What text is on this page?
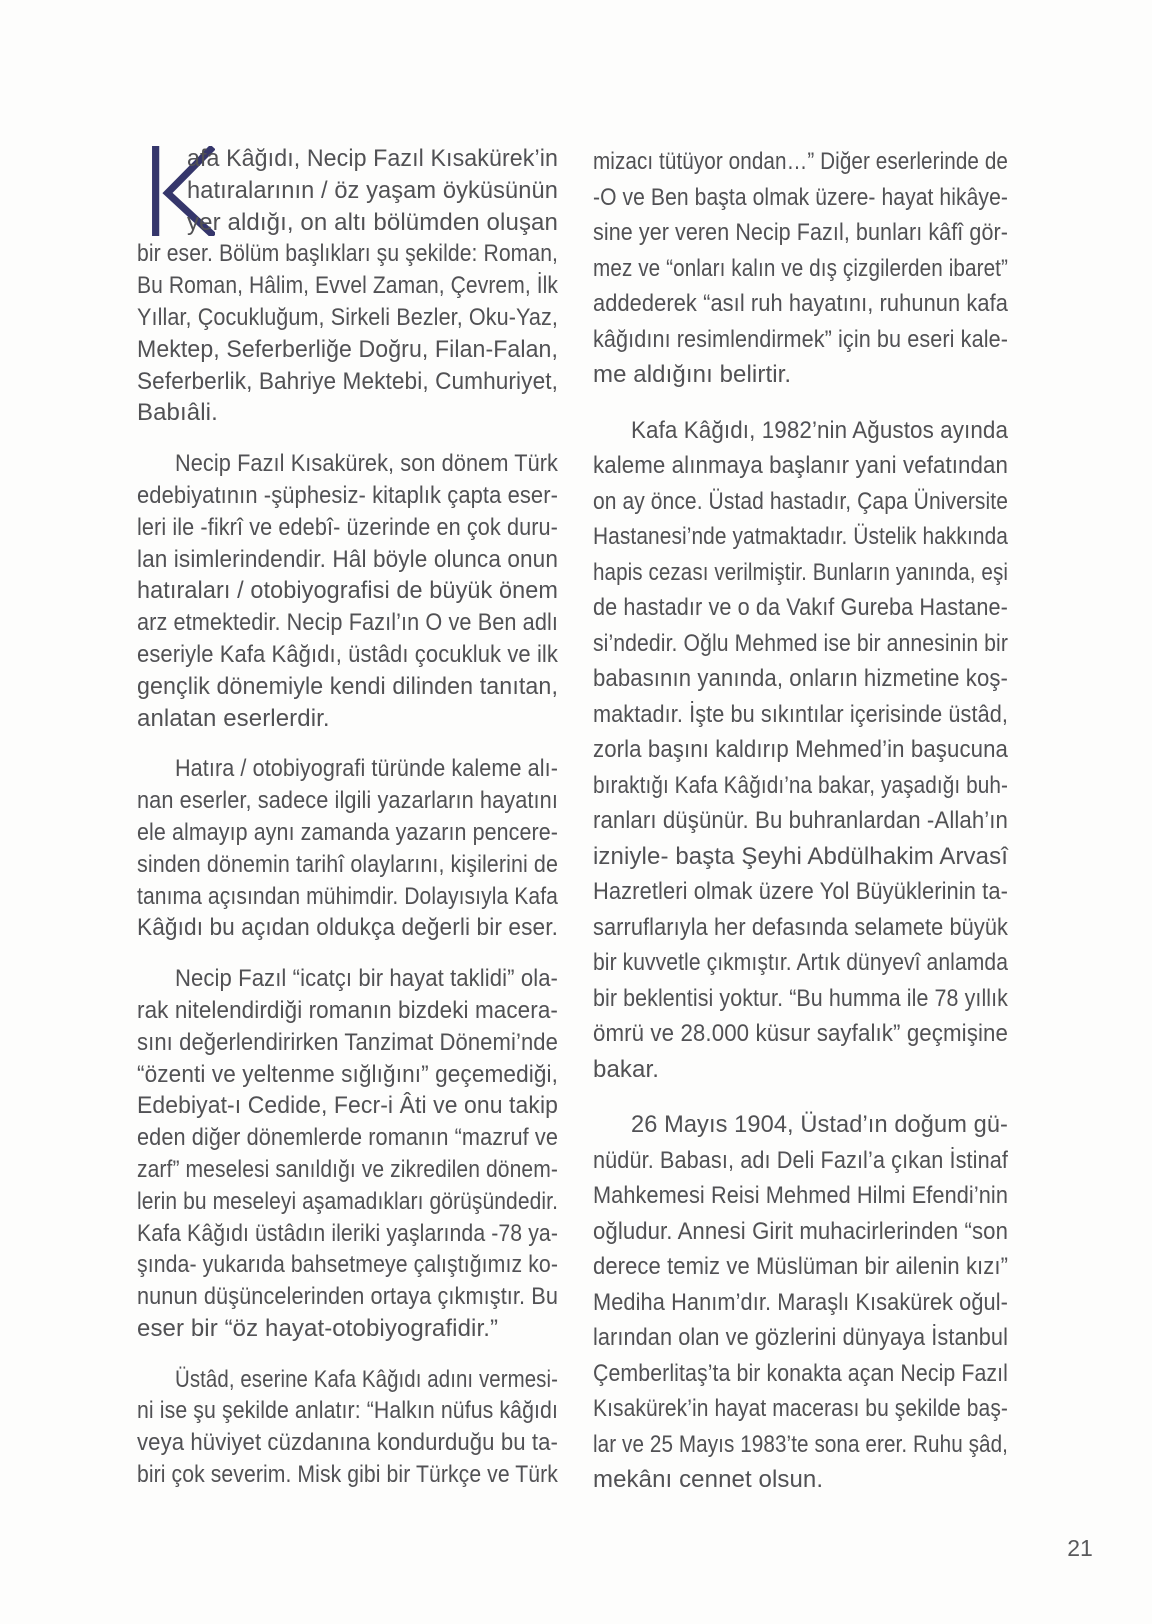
afa Kâğıdı, Necip Fazıl Kısakürek’in
hatıralarının / öz yaşam öyküsünün
yer aldığı, on altı bölümden oluşan
bir eser. Bölüm başlıkları şu şekilde: Roman,
Bu Roman, Hâlim, Evvel Zaman, Çevrem, İlk
Yıllar, Çocukluğum, Sirkeli Bezler, Oku-Yaz,
Mektep, Seferberliğe Doğru, Filan-Falan,
Seferberlik, Bahriye Mektebi, Cumhuriyet,
Babıâli.
Necip Fazıl Kısakürek, son dönem Türk
edebiyatının -şüphesiz- kitaplık çapta eser-
leri ile -fikrî ve edebî- üzerinde en çok duru-
lan isimlerindendir. Hâl böyle olunca onun
hatıraları / otobiyografisi de büyük önem
arz etmektedir. Necip Fazıl’ın O ve Ben adlı
eseriyle Kafa Kâğıdı, üstâdı çocukluk ve ilk
gençlik dönemiyle kendi dilinden tanıtan,
anlatan eserlerdir.
Hatıra / otobiyografi türünde kaleme alı-
nan eserler, sadece ilgili yazarların hayatını
ele almayıp aynı zamanda yazarın pencere-
sinden dönemin tarihî olaylarını, kişilerini de
tanıma açısından mühimdir. Dolayısıyla Kafa
Kâğıdı bu açıdan oldukça değerli bir eser.
Necip Fazıl “icatçı bir hayat taklidi” ola-
rak nitelendirdiği romanın bizdeki macera-
sını değerlendirirken Tanzimat Dönemi’nde
“özenti ve yeltenme sığlığını” geçemediği,
Edebiyat-ı Cedide, Fecr-i Âti ve onu takip
eden diğer dönemlerde romanın “mazruf ve
zarf” meselesi sanıldığı ve zikredilen dönem-
lerin bu meseleyi aşamadıkları görüşündedir.
Kafa Kâğıdı üstâdın ileriki yaşlarında -78 ya-
şında- yukarıda bahsetmeye çalıştığımız ko-
nunun düşüncelerinden ortaya çıkmıştır. Bu
eser bir “öz hayat-otobiyografidir.”
Üstâd, eserine Kafa Kâğıdı adını vermesi-
ni ise şu şekilde anlatır: “Halkın nüfus kâğıdı
veya hüviyet cüzdanına kondurduğu bu ta-
biri çok severim. Misk gibi bir Türkçe ve Türk
mizacı tütüyor ondan…” Diğer eserlerinde de
-O ve Ben başta olmak üzere- hayat hikâye-
sine yer veren Necip Fazıl, bunları kâfî gör-
mez ve “onları kalın ve dış çizgilerden ibaret”
addederek “asıl ruh hayatını, ruhunun kafa
kâğıdını resimlendirmek” için bu eseri kale-
me aldığını belirtir.
Kafa Kâğıdı, 1982’nin Ağustos ayında
kaleme alınmaya başlanır yani vefatından
on ay önce. Üstad hastadır, Çapa Üniversite
Hastanesi’nde yatmaktadır. Üstelik hakkında
hapis cezası verilmiştir. Bunların yanında, eşi
de hastadır ve o da Vakıf Gureba Hastane-
si’ndedir. Oğlu Mehmed ise bir annesinin bir
babasının yanında, onların hizmetine koş-
maktadır. İşte bu sıkıntılar içerisinde üstâd,
zorla başını kaldırıp Mehmed’in başucuna
bıraktığı Kafa Kâğıdı’na bakar, yaşadığı buh-
ranları düşünür. Bu buhranlardan -Allah’ın
izniyle- başta Şeyhi Abdülhakim Arvasî
Hazretleri olmak üzere Yol Büyüklerinin ta-
sarruflarıyla her defasında selamete büyük
bir kuvvetle çıkmıştır. Artık dünyevî anlamda
bir beklentisi yoktur. “Bu humma ile 78 yıllık
ömrü ve 28.000 küsur sayfalık” geçmişine
bakar.
26 Mayıs 1904, Üstad’ın doğum gü-
nüdür. Babası, adı Deli Fazıl’a çıkan İstinaf
Mahkemesi Reisi Mehmed Hilmi Efendi’nin
oğludur. Annesi Girit muhacirlerinden “son
derece temiz ve Müslüman bir ailenin kızı”
Mediha Hanım’dır. Maraşlı Kısakürek oğul-
larından olan ve gözlerini dünyaya İstanbul
Çemberlitaş’ta bir konakta açan Necip Fazıl
Kısakürek’in hayat macerası bu şekilde baş-
lar ve 25 Mayıs 1983’te sona erer. Ruhu şâd,
mekânı cennet olsun.
21
